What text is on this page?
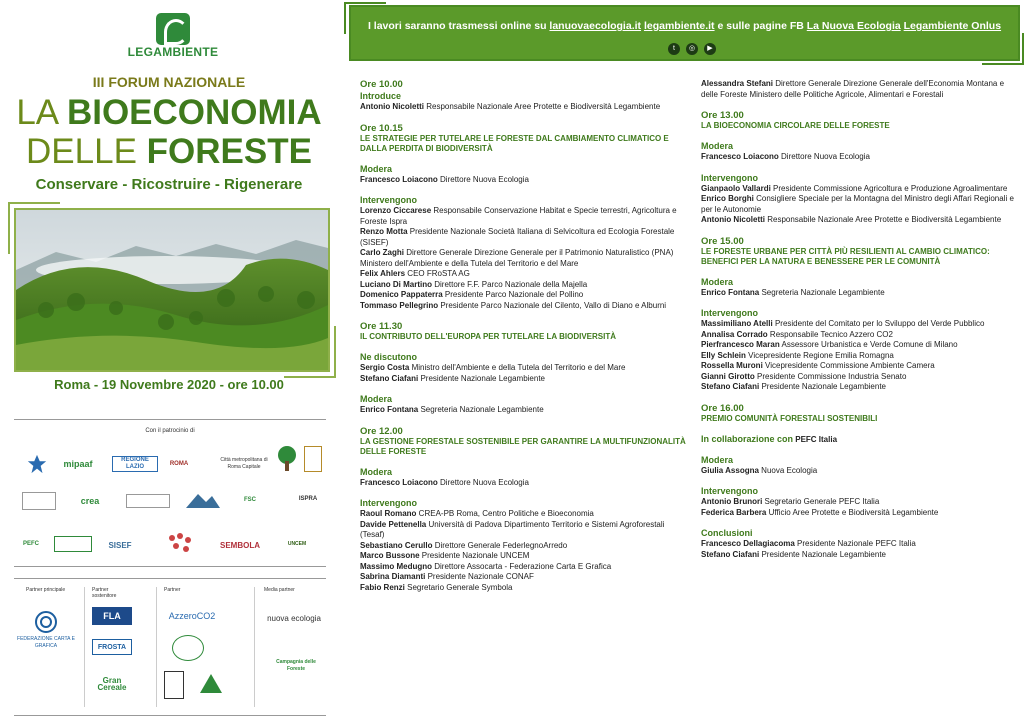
LEGAMBIENTE
III FORUM NAZIONALE
LA BIOECONOMIA
DELLE FORESTE
Conservare - Ricostruire - Rigenerare
Roma - 19 Novembre 2020 - ore 10.00
Con il patrocinio di
mipaaf	REGIONE LAZIO
ROMA
Città metropolitana di Roma Capitale
crea	FSC	ISPRA
PEFC	SISEF	SEMBOLA	UNCEM
Partner principale	Partner sostenitore
Partner	Media partner
FEDERAZIONE CARTA E GRAFICA
FLA
FROSTA
Gran Cereale
AzzeroCO2	nuova ecologia
Campagnia delle Foreste
I lavori saranno trasmessi online su lanuovaecologia.it legambiente.it e sulle pagine FB La Nuova Ecologia Legambiente Onlus
t	◎	▶
Ore 10.00
Introduce
Antonio Nicoletti Responsabile Nazionale Aree Protette e Biodiversità Legambiente
Ore 10.15
LE STRATEGIE PER TUTELARE LE FORESTE DAL CAMBIAMENTO CLIMATICO E DALLA PERDITA DI BIODIVERSITÀ
Modera
Francesco Loiacono Direttore Nuova Ecologia
Intervengono
Lorenzo Ciccarese Responsabile Conservazione Habitat e Specie terrestri, Agricoltura e Foreste Ispra
Renzo Motta Presidente Nazionale Società Italiana di Selvicoltura ed Ecologia Forestale (SISEF)
Carlo Zaghi Direttore Generale Direzione Generale per il Patrimonio Naturalistico (PNA) Ministero dell'Ambiente e della Tutela del Territorio e del Mare
Felix Ahlers CEO FRoSTA AG
Luciano Di Martino Direttore F.F. Parco Nazionale della Majella
Domenico Pappaterra Presidente Parco Nazionale del Pollino
Tommaso Pellegrino Presidente Parco Nazionale del Cilento, Vallo di Diano e Alburni
Ore 11.30
IL CONTRIBUTO DELL'EUROPA PER TUTELARE LA BIODIVERSITÀ
Ne discutono
Sergio Costa Ministro dell'Ambiente e della Tutela del Territorio e del Mare
Stefano Ciafani Presidente Nazionale Legambiente
Modera
Enrico Fontana Segreteria Nazionale Legambiente
Ore 12.00
LA GESTIONE FORESTALE SOSTENIBILE PER GARANTIRE LA MULTIFUNZIONALITÀ DELLE FORESTE
Modera
Francesco Loiacono Direttore Nuova Ecologia
Intervengono
Raoul Romano CREA-PB Roma, Centro Politiche e Bioeconomia
Davide Pettenella Università di Padova Dipartimento Territorio e Sistemi Agroforestali (Tesaf)
Sebastiano Cerullo Direttore Generale FederlegnoArredo
Marco Bussone Presidente Nazionale UNCEM
Massimo Medugno Direttore Assocarta - Federazione Carta E Grafica
Sabrina Diamanti Presidente Nazionale CONAF
Fabio Renzi Segretario Generale Symbola
Alessandra Stefani Direttore Generale Direzione Generale dell'Economia Montana e delle Foreste Ministero delle Politiche Agricole, Alimentari e Forestali
Ore 13.00
LA BIOECONOMIA CIRCOLARE DELLE FORESTE
Modera
Francesco Loiacono Direttore Nuova Ecologia
Intervengono
Gianpaolo Vallardi Presidente Commissione Agricoltura e Produzione Agroalimentare
Enrico Borghi Consigliere Speciale per la Montagna del Ministro degli Affari Regionali e per le Autonomie
Antonio Nicoletti Responsabile Nazionale Aree Protette e Biodiversità Legambiente
Ore 15.00
LE FORESTE URBANE PER CITTÀ PIÙ RESILIENTI AL CAMBIO CLIMATICO: BENEFICI PER LA NATURA E BENESSERE PER LE COMUNITÀ
Modera
Enrico Fontana Segreteria Nazionale Legambiente
Intervengono
Massimiliano Atelli Presidente del Comitato per lo Sviluppo del Verde Pubblico
Annalisa Corrado Responsabile Tecnico Azzero CO2
Pierfrancesco Maran Assessore Urbanistica e Verde Comune di Milano
Elly Schlein Vicepresidente Regione Emilia Romagna
Rossella Muroni Vicepresidente Commissione Ambiente Camera
Gianni Girotto Presidente Commissione Industria Senato
Stefano Ciafani Presidente Nazionale Legambiente
Ore 16.00
PREMIO COMUNITÀ FORESTALI SOSTENIBILI
In collaborazione con PEFC Italia
Modera
Giulia Assogna Nuova Ecologia
Intervengono
Antonio Brunori Segretario Generale PEFC Italia
Federica Barbera Ufficio Aree Protette e Biodiversità Legambiente
Conclusioni
Francesco Dellagiacoma Presidente Nazionale PEFC Italia
Stefano Ciafani Presidente Nazionale Legambiente
